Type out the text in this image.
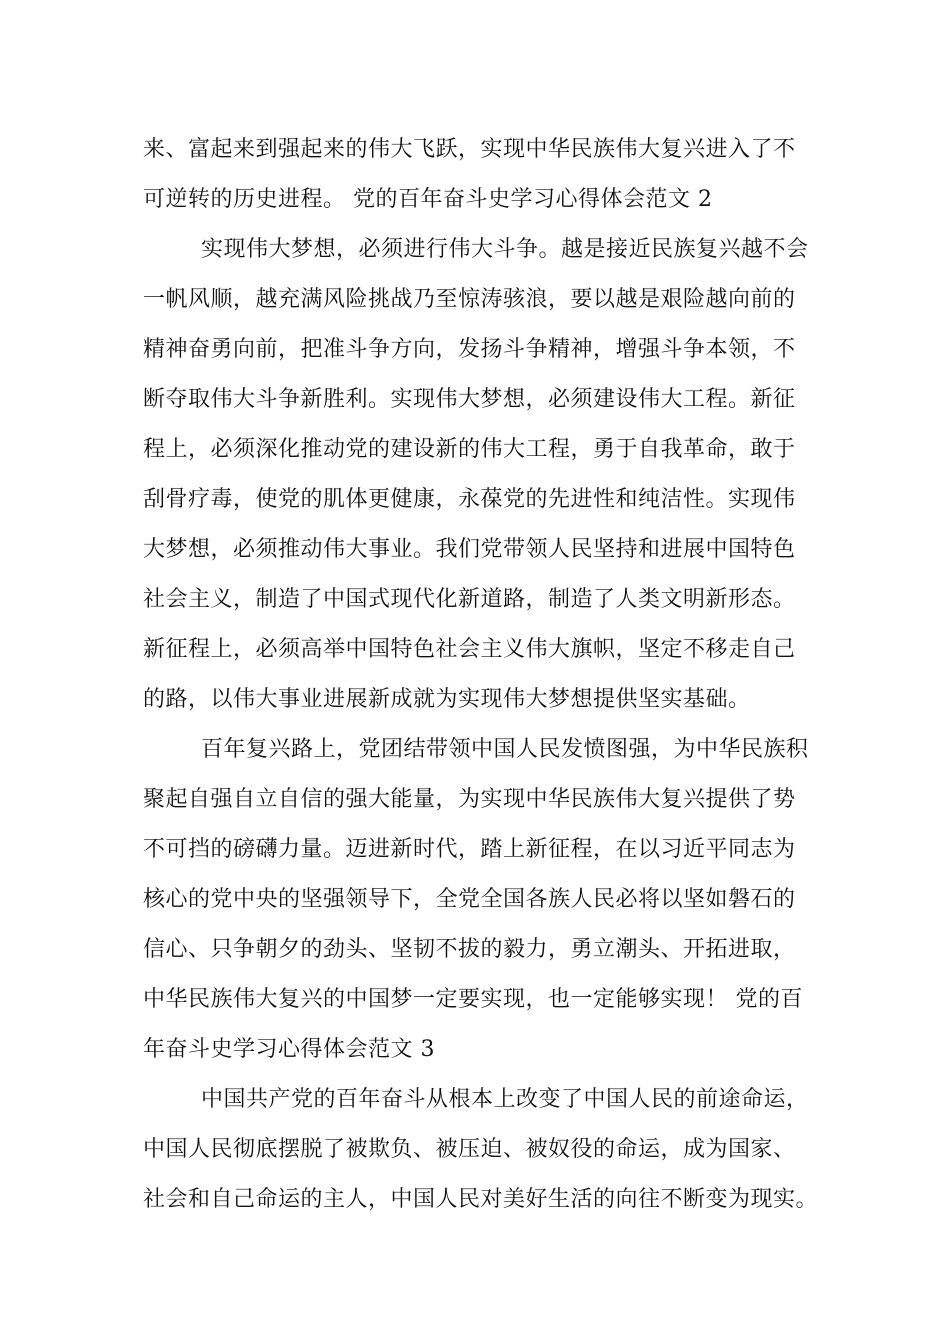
来、富起来到强起来的伟大飞跃，实现中华民族伟大复兴进入了不
可逆转的历史进程。 党的百年奋斗史学习心得体会范文 2
实现伟大梦想，必须进行伟大斗争。越是接近民族复兴越不会
一帆风顺，越充满风险挑战乃至惊涛骇浪，要以越是艰险越向前的
精神奋勇向前，把准斗争方向，发扬斗争精神，增强斗争本领，不
断夺取伟大斗争新胜利。实现伟大梦想，必须建设伟大工程。新征
程上，必须深化推动党的建设新的伟大工程，勇于自我革命，敢于
刮骨疗毒，使党的肌体更健康，永葆党的先进性和纯洁性。实现伟
大梦想，必须推动伟大事业。我们党带领人民坚持和进展中国特色
社会主义，制造了中国式现代化新道路，制造了人类文明新形态。
新征程上，必须高举中国特色社会主义伟大旗帜，坚定不移走自己
的路，以伟大事业进展新成就为实现伟大梦想提供坚实基础。
百年复兴路上，党团结带领中国人民发愤图强，为中华民族积
聚起自强自立自信的强大能量，为实现中华民族伟大复兴提供了势
不可挡的磅礴力量。迈进新时代，踏上新征程，在以习近平同志为
核心的党中央的坚强领导下，全党全国各族人民必将以坚如磐石的
信心、只争朝夕的劲头、坚韧不拔的毅力，勇立潮头、开拓进取，
中华民族伟大复兴的中国梦一定要实现，也一定能够实现！ 党的百
年奋斗史学习心得体会范文 3
中国共产党的百年奋斗从根本上改变了中国人民的前途命运，
中国人民彻底摆脱了被欺负、被压迫、被奴役的命运，成为国家、
社会和自己命运的主人，中国人民对美好生活的向往不断变为现实。
